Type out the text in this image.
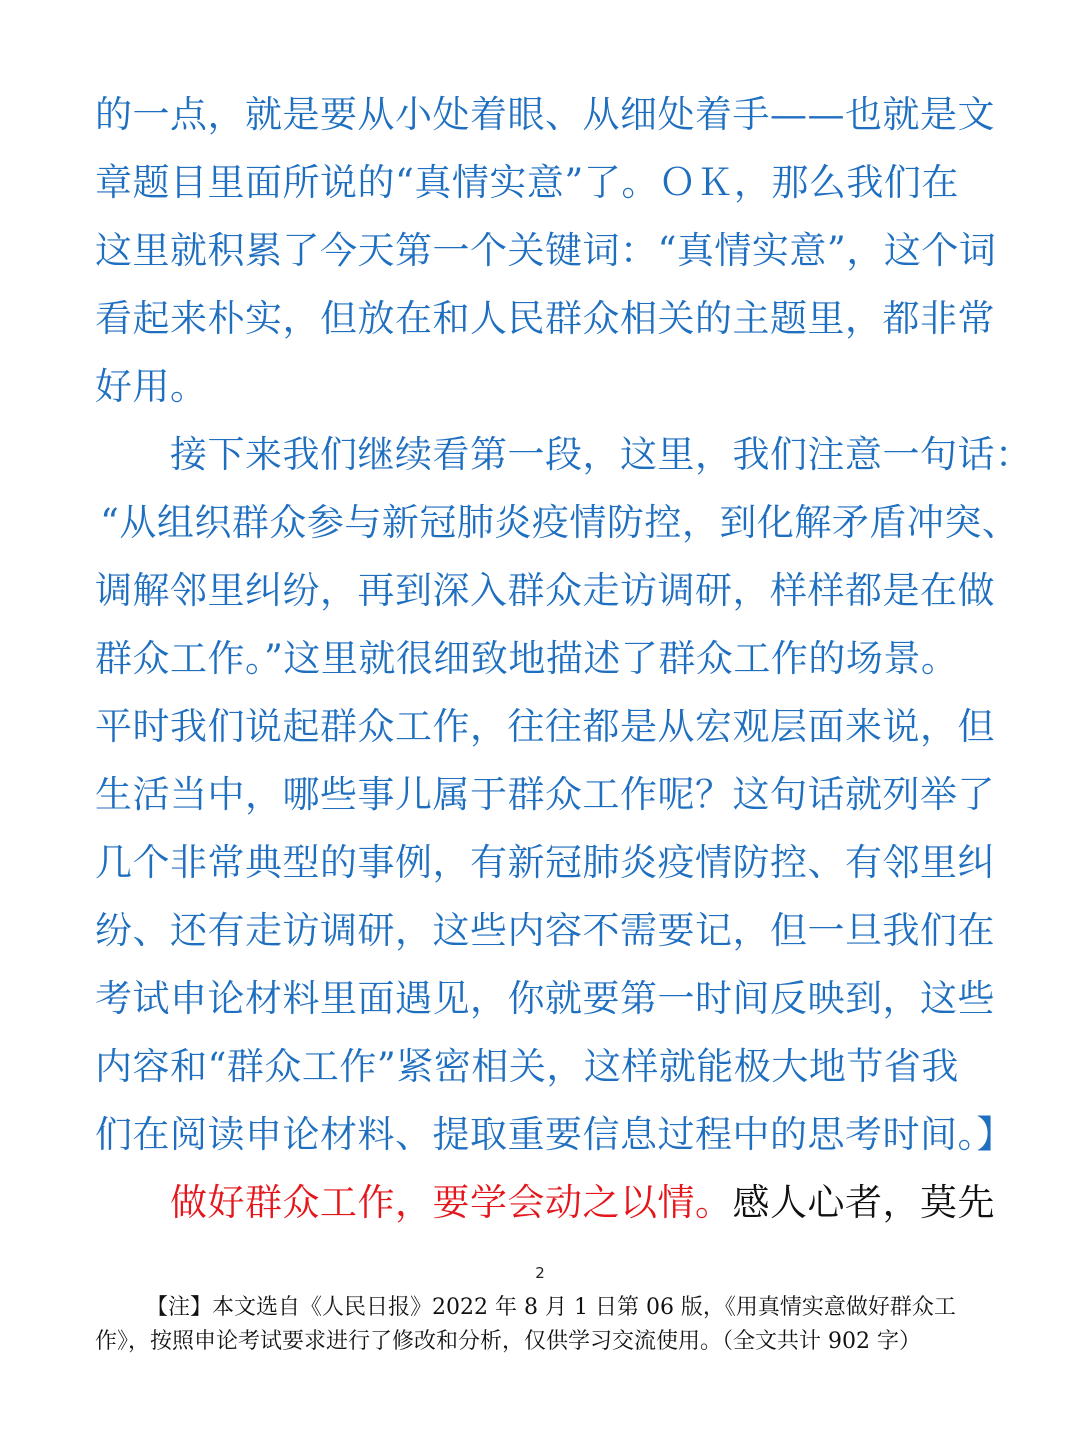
的一点，就是要从小处着眼、从细处着手——也就是文
章题目里面所说的“真情实意”了。ＯＫ，那么我们在
这里就积累了今天第一个关键词：“真情实意”，这个词
看起来朴实，但放在和人民群众相关的主题里，都非常
好用。
接下来我们继续看第一段，这里，我们注意一句话：
“从组织群众参与新冠肺炎疫情防控，到化解矛盾冲突、
调解邻里纠纷，再到深入群众走访调研，样样都是在做
群众工作。”这里就很细致地描述了群众工作的场景。
平时我们说起群众工作，往往都是从宏观层面来说，但
生活当中，哪些事儿属于群众工作呢？这句话就列举了
几个非常典型的事例，有新冠肺炎疫情防控、有邻里纠
纷、还有走访调研，这些内容不需要记，但一旦我们在
考试申论材料里面遇见，你就要第一时间反映到，这些
内容和“群众工作”紧密相关，这样就能极大地节省我
们在阅读申论材料、提取重要信息过程中的思考时间。】
做好群众工作，要学会动之以情。感人心者，莫先
2
【注】本文选自《人民日报》2022 年 8 月 1 日第 06 版，《用真情实意做好群众工
作》，按照申论考试要求进行了修改和分析，仅供学习交流使用。（全文共计 902 字）
